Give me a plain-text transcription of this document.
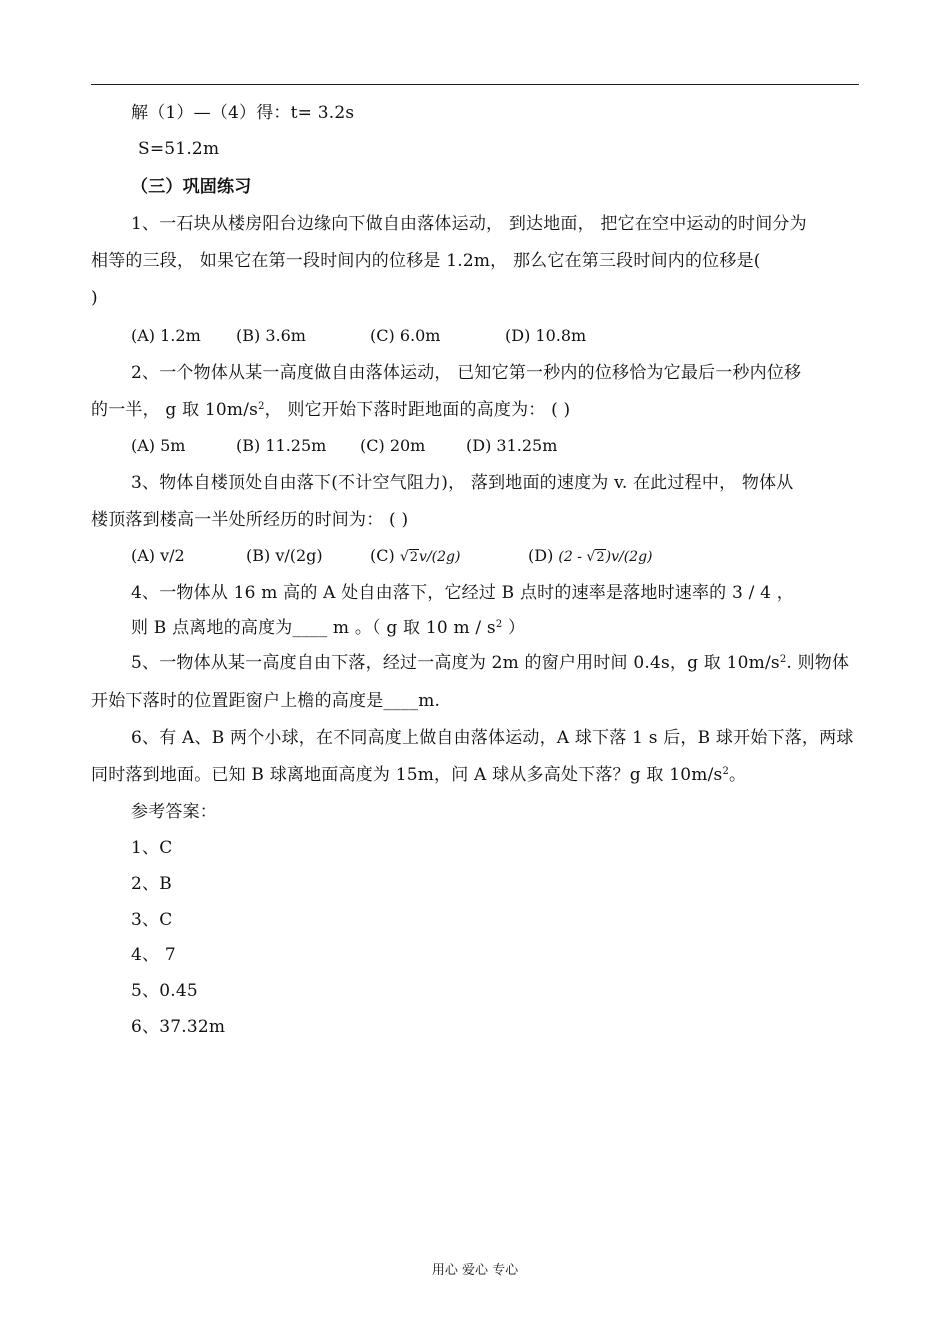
解（1）—（4）得：t= 3.2s
S=51.2m
（三）巩固练习
1、一石块从楼房阳台边缘向下做自由落体运动， 到达地面， 把它在空中运动的时间分为
相等的三段， 如果它在第一段时间内的位移是 1.2m， 那么它在第三段时间内的位移是(
)
(A) 1.2m (B) 3.6m	(C) 6.0m	(D) 10.8m
2、一个物体从某一高度做自由落体运动， 已知它第一秒内的位移恰为它最后一秒内位移
的一半， g 取 $10m/s^2$， 则它开始下落时距地面的高度为： ( )
(A) 5m	(B) 11.25m (C) 20m	(D) 31.25m
3、物体自楼顶处自由落下(不计空气阻力)， 落到地面的速度为 v. 在此过程中， 物体从
楼顶落到楼高一半处所经历的时间为： ( )
(A) v/2	(B) v/(2g)	(C) √2v/(2g)	(D) (2 - √2)v/(2g)
4、一物体从 16 m 高的 A 处自由落下，它经过 B 点时的速率是落地时速率的 3 / 4 ，
则 B 点离地的高度为____ m 。（ g 取 10 m / $s^2$ ）
5、一物体从某一高度自由下落，经过一高度为 2m 的窗户用时间 0.4s，g 取 $10m/s^2$. 则物体
开始下落时的位置距窗户上檐的高度是____m.
6、有 A、B 两个小球，在不同高度上做自由落体运动，A 球下落 1 s 后，B 球开始下落，两球
同时落到地面。已知 B 球离地面高度为 15m，问 A 球从多高处下落？g 取 $10m/s^2$。
参考答案：
1、C
2、B
3、C
4、 7
5、0.45
6、37.32m
用心 爱心 专心
